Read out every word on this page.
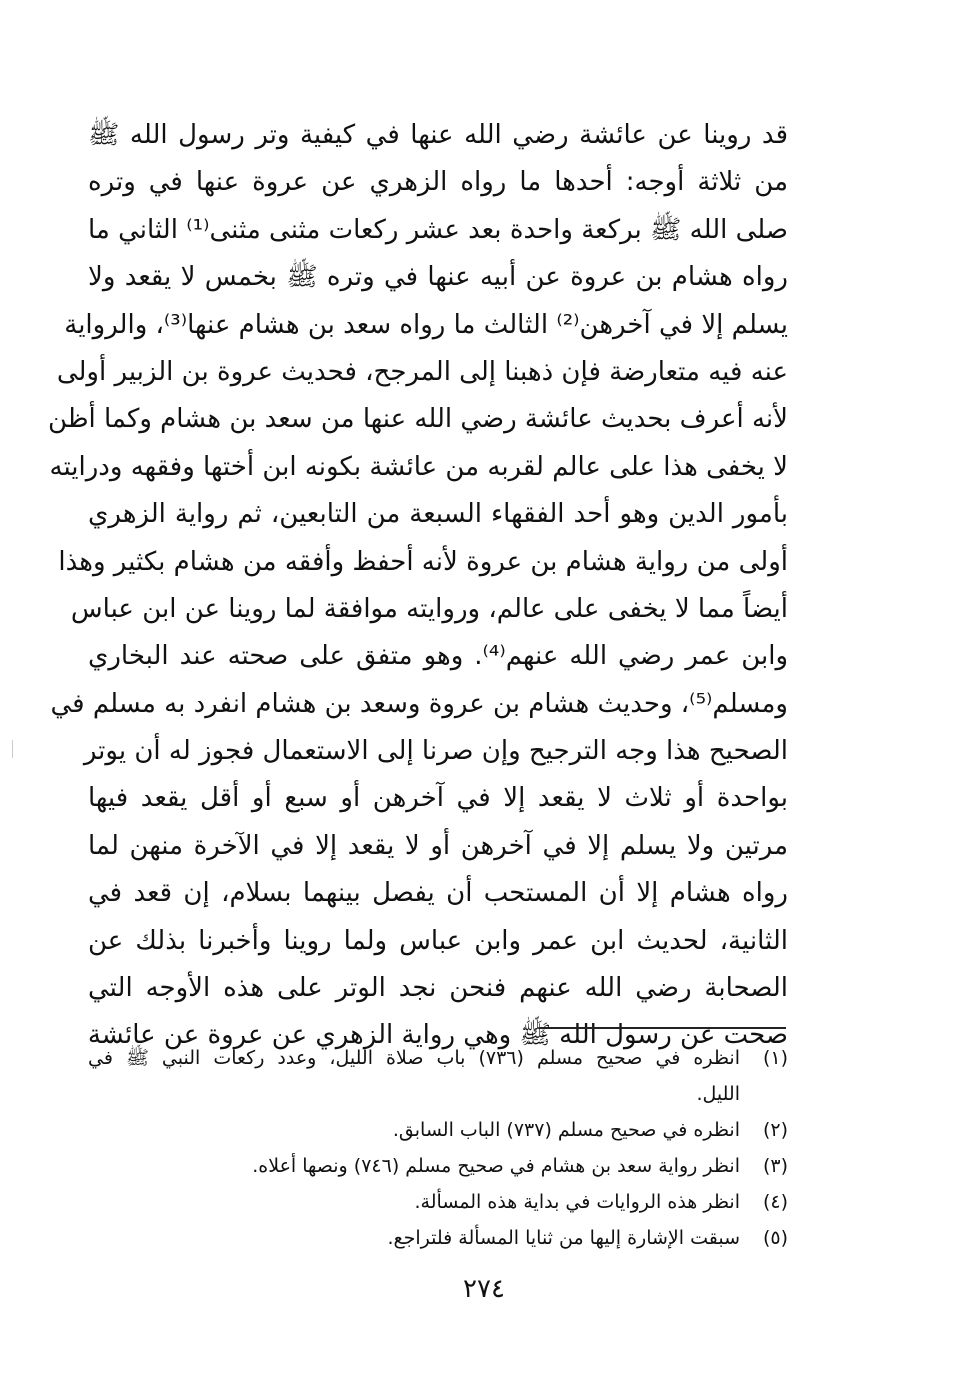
قد روينا عن عائشة رضي الله عنها في كيفية وتر رسول الله ﷺ
من ثلاثة أوجه: أحدها ما رواه الزهري عن عروة عنها في وتره
صلى الله ﷺ بركعة واحدة بعد عشر ركعات مثنى مثنى⁽¹⁾ الثاني ما
رواه هشام بن عروة عن أبيه عنها في وتره ﷺ بخمس لا يقعد ولا
يسلم إلا في آخرهن⁽²⁾ الثالث ما رواه سعد بن هشام عنها⁽³⁾، والرواية
عنه فيه متعارضة فإن ذهبنا إلى المرجح، فحديث عروة بن الزبير أولى
لأنه أعرف بحديث عائشة رضي الله عنها من سعد بن هشام وكما أظن
لا يخفى هذا على عالم لقربه من عائشة بكونه ابن أختها وفقهه ودرايته
بأمور الدين وهو أحد الفقهاء السبعة من التابعين، ثم رواية الزهري
أولى من رواية هشام بن عروة لأنه أحفظ وأفقه من هشام بكثير وهذا
أيضاً مما لا يخفى على عالم، وروايته موافقة لما روينا عن ابن عباس
وابن عمر رضي الله عنهم⁽⁴⁾. وهو متفق على صحته عند البخاري
ومسلم⁽⁵⁾، وحديث هشام بن عروة وسعد بن هشام انفرد به مسلم في
الصحيح هذا وجه الترجيح وإن صرنا إلى الاستعمال فجوز له أن يوتر
بواحدة أو ثلاث لا يقعد إلا في آخرهن أو سبع أو أقل يقعد فيها
مرتين ولا يسلم إلا في آخرهن أو لا يقعد إلا في الآخرة منهن لما
رواه هشام إلا أن المستحب أن يفصل بينهما بسلام، إن قعد في
الثانية، لحديث ابن عمر وابن عباس ولما روينا وأخبرنا بذلك عن
الصحابة رضي الله عنهم فنحن نجد الوتر على هذه الأوجه التي
صحت عن رسول الله ﷺ وهي رواية الزهري عن عروة عن عائشة
(١)
انظره في صحيح مسلم (٧٣٦) باب صلاة الليل، وعدد ركعات النبي ﷺ في
الليل.
(٢)
انظره في صحيح مسلم (٧٣٧) الباب السابق.
(٣)
انظر رواية سعد بن هشام في صحيح مسلم (٧٤٦) ونصها أعلاه.
(٤)
انظر هذه الروايات في بداية هذه المسألة.
(٥)
سبقت الإشارة إليها من ثنايا المسألة فلتراجع.
٢٧٤
